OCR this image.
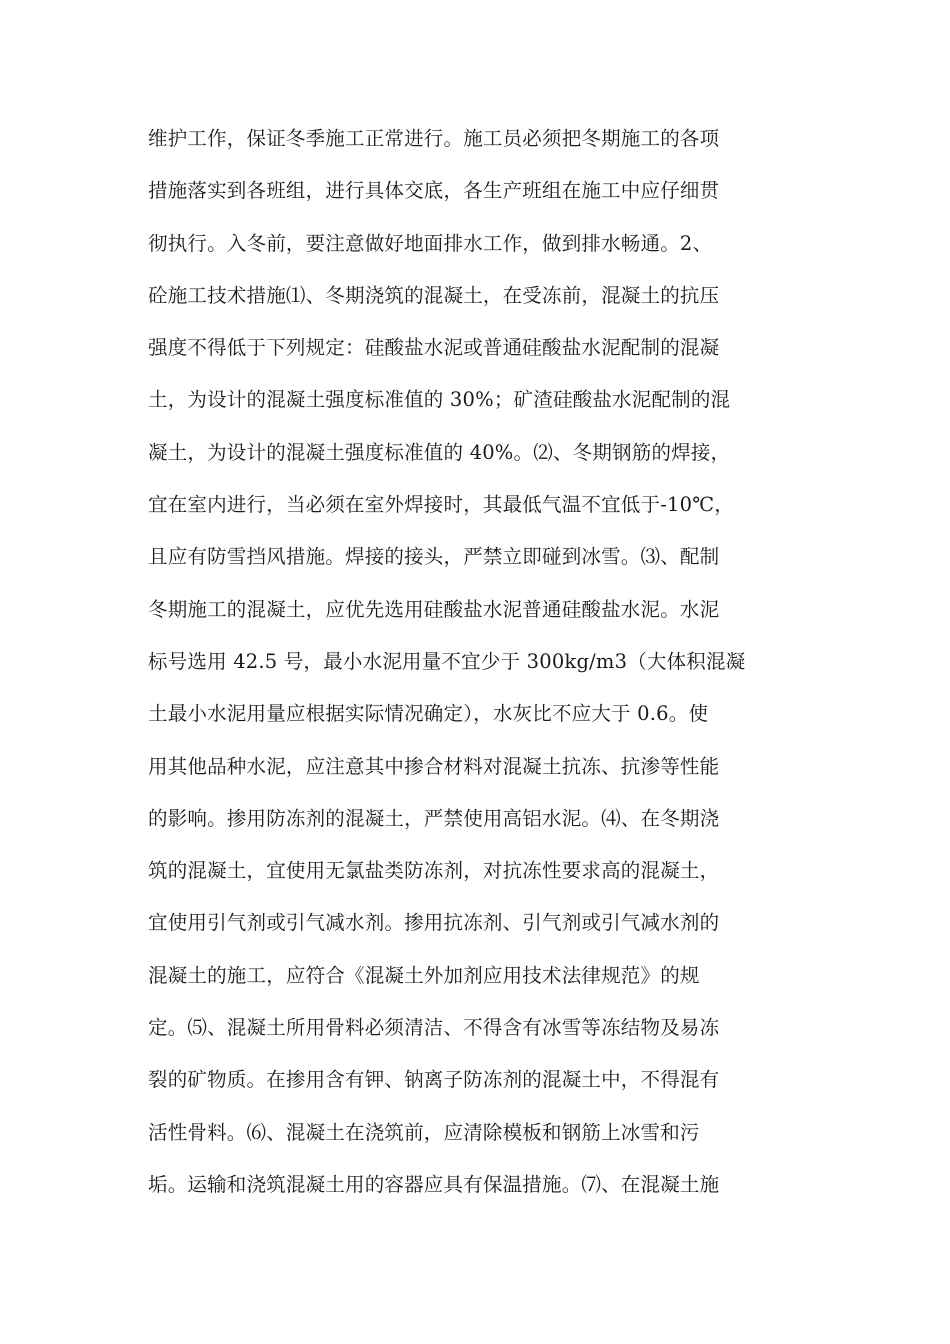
维护工作，保证冬季施工正常进行。施工员必须把冬期施工的各项
措施落实到各班组，进行具体交底，各生产班组在施工中应仔细贯
彻执行。入冬前，要注意做好地面排水工作，做到排水畅通。2、
砼施工技术措施⑴、冬期浇筑的混凝土，在受冻前，混凝土的抗压
强度不得低于下列规定：硅酸盐水泥或普通硅酸盐水泥配制的混凝
土，为设计的混凝土强度标准值的 30%；矿渣硅酸盐水泥配制的混
凝土，为设计的混凝土强度标准值的 40%。⑵、冬期钢筋的焊接，
宜在室内进行，当必须在室外焊接时，其最低气温不宜低于-10℃，
且应有防雪挡风措施。焊接的接头，严禁立即碰到冰雪。⑶、配制
冬期施工的混凝土，应优先选用硅酸盐水泥普通硅酸盐水泥。水泥
标号选用 42.5 号，最小水泥用量不宜少于 300kg/m3（大体积混凝
土最小水泥用量应根据实际情况确定），水灰比不应大于 0.6。使
用其他品种水泥，应注意其中掺合材料对混凝土抗冻、抗渗等性能
的影响。掺用防冻剂的混凝土，严禁使用高铝水泥。⑷、在冬期浇
筑的混凝土，宜使用无氯盐类防冻剂，对抗冻性要求高的混凝土，
宜使用引气剂或引气减水剂。掺用抗冻剂、引气剂或引气减水剂的
混凝土的施工，应符合《混凝土外加剂应用技术法律规范》的规
定。⑸、混凝土所用骨料必须清洁、不得含有冰雪等冻结物及易冻
裂的矿物质。在掺用含有钾、钠离子防冻剂的混凝土中，不得混有
活性骨料。⑹、混凝土在浇筑前，应清除模板和钢筋上冰雪和污
垢。运输和浇筑混凝土用的容器应具有保温措施。⑺、在混凝土施
